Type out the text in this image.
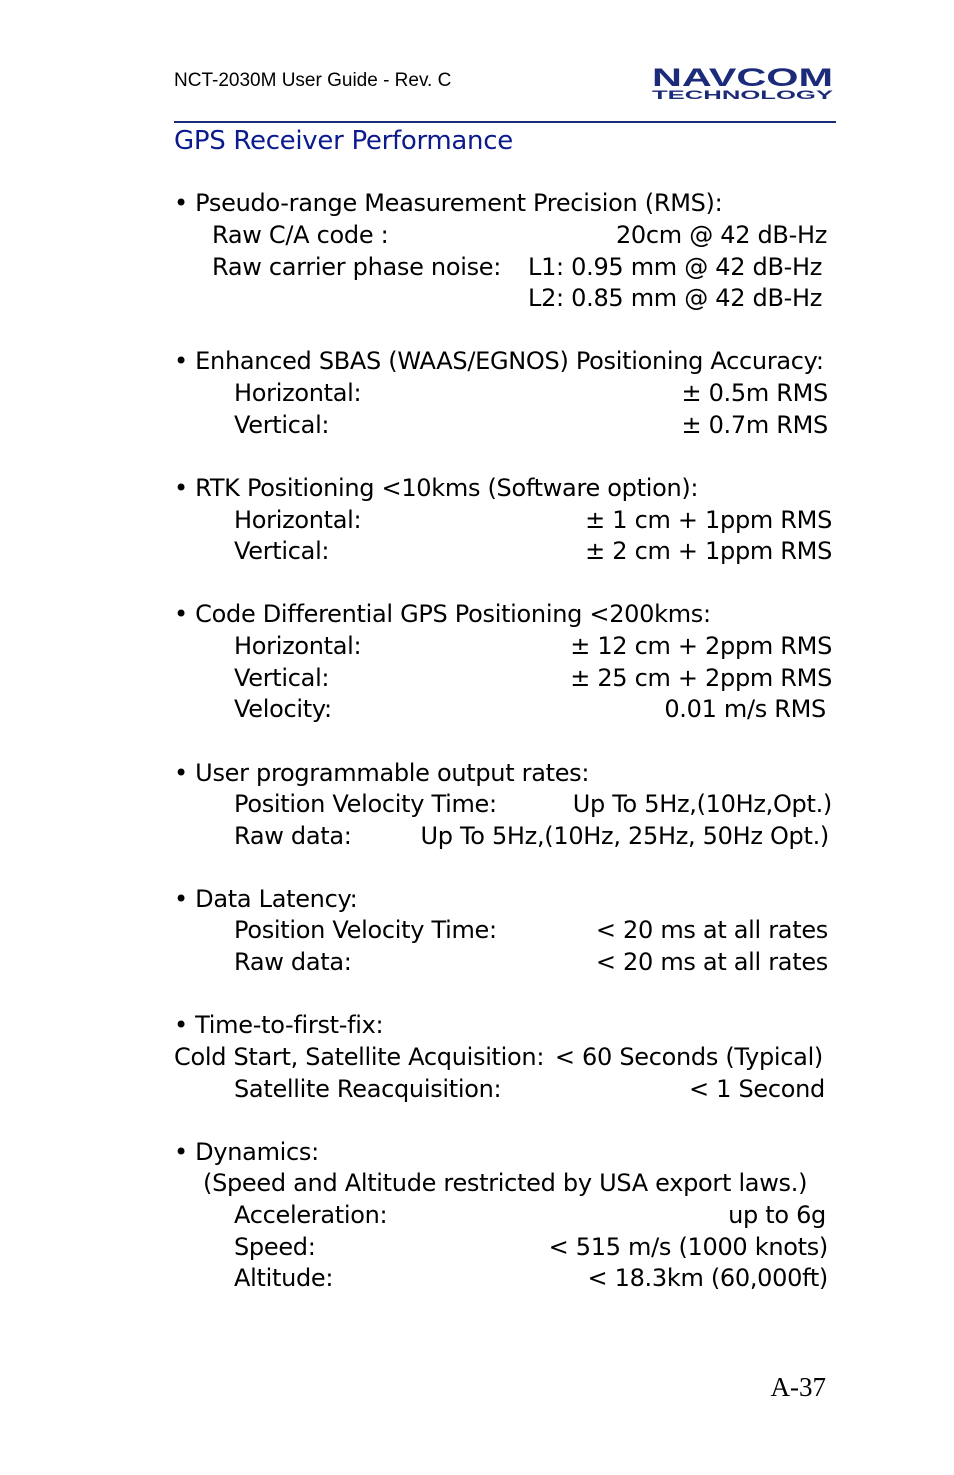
NCT-2030M User Guide - Rev. C	NAVCOM
TECHNOLOGY
GPS Receiver Performance
• Pseudo-range Measurement Precision (RMS):
Raw C/A code :	20cm @ 42 dB-Hz
Raw carrier phase noise: L1: 0.95 mm @ 42 dB-Hz
L2: 0.85 mm @ 42 dB-Hz
• Enhanced SBAS (WAAS/EGNOS) Positioning Accuracy:
Horizontal:	± 0.5m RMS
Vertical:	± 0.7m RMS
• RTK Positioning <10kms (Software option):
Horizontal:	± 1 cm + 1ppm RMS
Vertical:	± 2 cm + 1ppm RMS
• Code Differential GPS Positioning <200kms:
Horizontal:	± 12 cm + 2ppm RMS
Vertical:	± 25 cm + 2ppm RMS
Velocity:	0.01 m/s RMS
• User programmable output rates:
Position Velocity Time:	Up To 5Hz,(10Hz,Opt.)
Raw data:	Up To 5Hz,(10Hz, 25Hz, 50Hz Opt.)
• Data Latency:
Position Velocity Time:	< 20 ms at all rates
Raw data:	< 20 ms at all rates
• Time-to-first-fix:
Cold Start, Satellite Acquisition: < 60 Seconds (Typical)
Satellite Reacquisition:	< 1 Second
• Dynamics:
(Speed and Altitude restricted by USA export laws.)
Acceleration:	up to 6g
Speed:	< 515 m/s (1000 knots)
Altitude:	< 18.3km (60,000ft)
A-37
